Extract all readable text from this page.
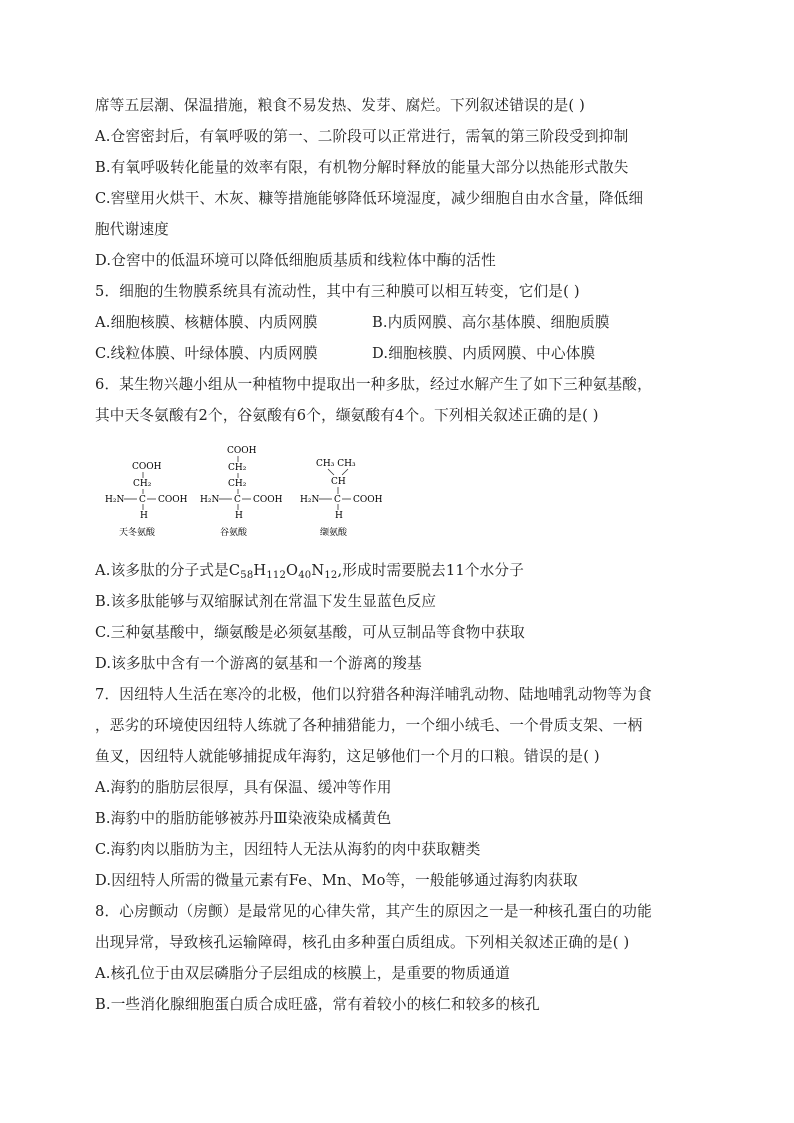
席等五层潮、保温措施，粮食不易发热、发芽、腐烂。下列叙述错误的是( )
A.仓窖密封后，有氧呼吸的第一、二阶段可以正常进行，需氧的第三阶段受到抑制
B.有氧呼吸转化能量的效率有限，有机物分解时释放的能量大部分以热能形式散失
C.窖壁用火烘干、木灰、糠等措施能够降低环境湿度，减少细胞自由水含量，降低细
胞代谢速度
D.仓窖中的低温环境可以降低细胞质基质和线粒体中酶的活性
5．细胞的生物膜系统具有流动性，其中有三种膜可以相互转变，它们是( )
A.细胞核膜、核糖体膜、内质网膜	B.内质网膜、高尔基体膜、细胞质膜
C.线粒体膜、叶绿体膜、内质网膜	D.细胞核膜、内质网膜、中心体膜
6．某生物兴趣小组从一种植物中提取出一种多肽，经过水解产生了如下三种氨基酸，
其中天冬氨酸有2个，谷氨酸有6个，缬氨酸有4个。下列相关叙述正确的是( )
COOH
CH₂
H₂N C COOH
H
天冬氨酸
COOH
CH₂
CH₂
H₂N C COOH
H
谷氨酸
CH₃ CH₃
CH
H₂N C COOH
H
缬氨酸
A.该多肽的分子式是$C_{58}H_{112}O_{40}N_{12}$,形成时需要脱去11个水分子
B.该多肽能够与双缩脲试剂在常温下发生显蓝色反应
C.三种氨基酸中，缬氨酸是必须氨基酸，可从豆制品等食物中获取
D.该多肽中含有一个游离的氨基和一个游离的羧基
7．因纽特人生活在寒冷的北极，他们以狩猎各种海洋哺乳动物、陆地哺乳动物等为食
，恶劣的环境使因纽特人练就了各种捕猎能力，一个细小绒毛、一个骨质支架、一柄
鱼叉，因纽特人就能够捕捉成年海豹，这足够他们一个月的口粮。错误的是( )
A.海豹的脂肪层很厚，具有保温、缓冲等作用
B.海豹中的脂肪能够被苏丹Ⅲ染液染成橘黄色
C.海豹肉以脂肪为主，因纽特人无法从海豹的肉中获取糖类
D.因纽特人所需的微量元素有Fe、Mn、Mo等，一般能够通过海豹肉获取
8．心房颤动（房颤）是最常见的心律失常，其产生的原因之一是一种核孔蛋白的功能
出现异常，导致核孔运输障碍，核孔由多种蛋白质组成。下列相关叙述正确的是( )
A.核孔位于由双层磷脂分子层组成的核膜上，是重要的物质通道
B.一些消化腺细胞蛋白质合成旺盛，常有着较小的核仁和较多的核孔
